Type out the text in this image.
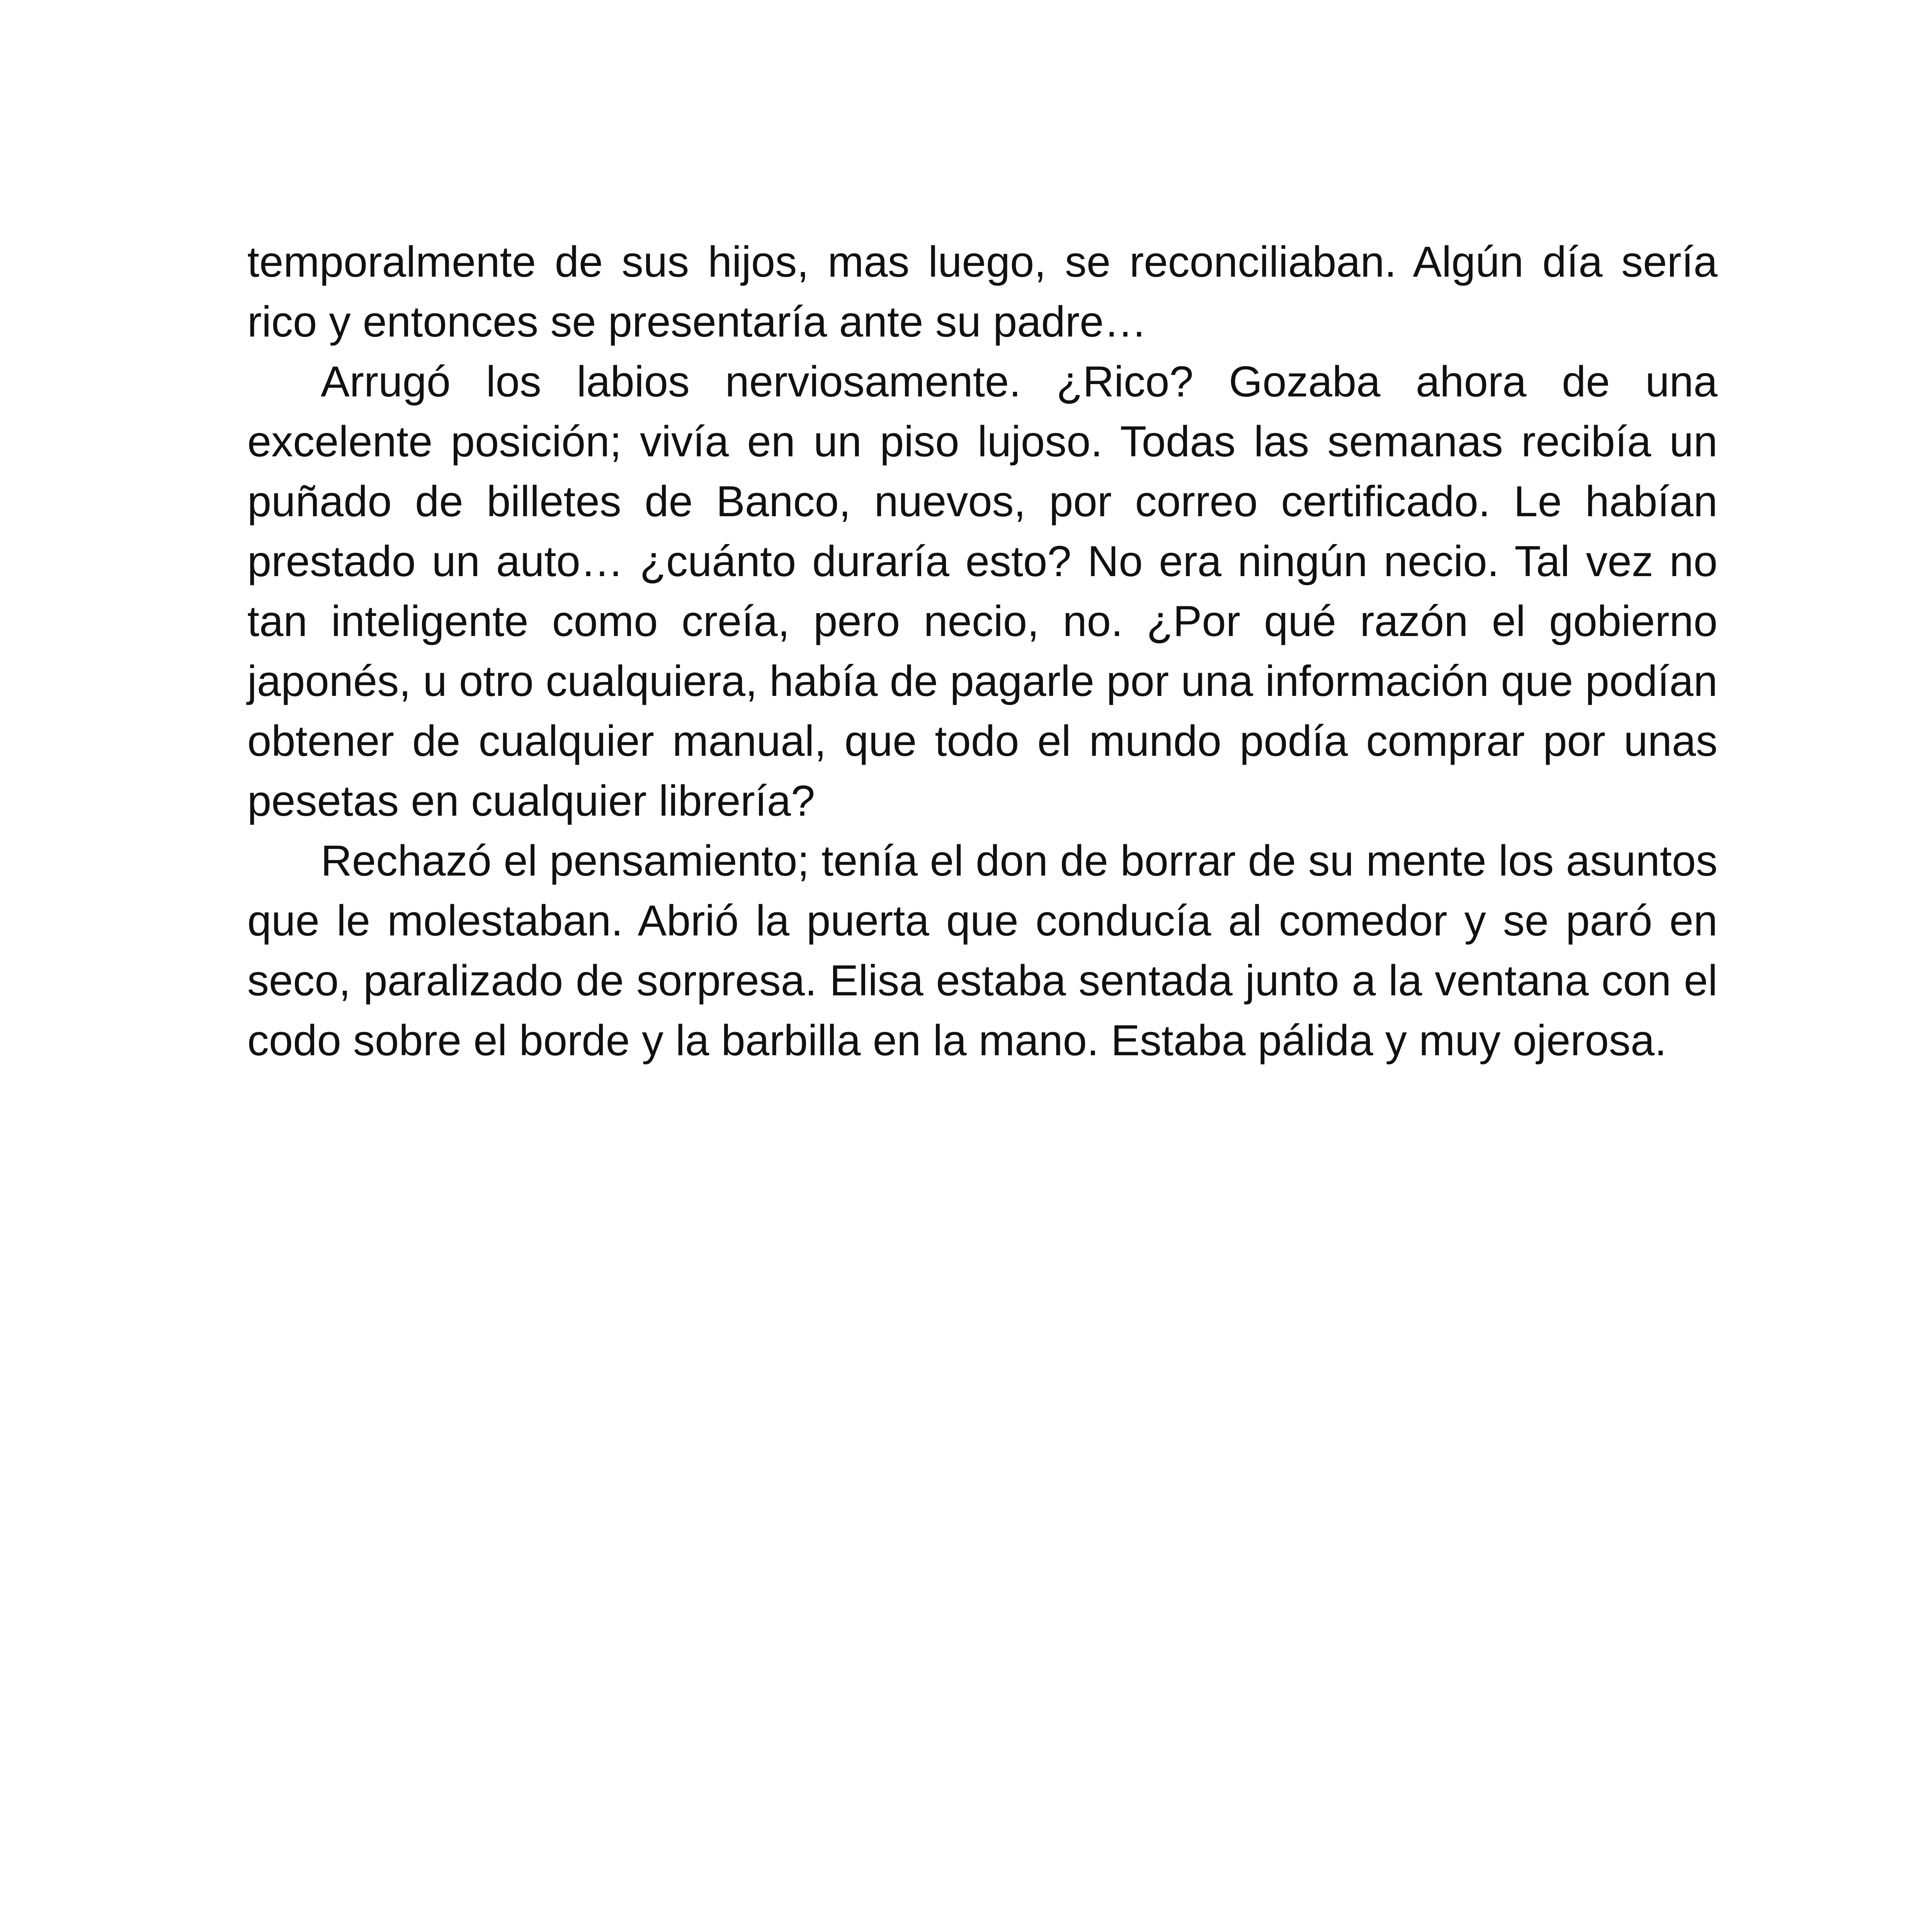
temporalmente de sus hijos, mas luego, se reconciliaban. Algún día sería rico y entonces se presentaría ante su padre…

Arrugó los labios nerviosamente. ¿Rico? Gozaba ahora de una excelente posición; vivía en un piso lujoso. Todas las semanas recibía un puñado de billetes de Banco, nuevos, por correo certificado. Le habían prestado un auto… ¿cuánto duraría esto? No era ningún necio. Tal vez no tan inteligente como creía, pero necio, no. ¿Por qué razón el gobierno japonés, u otro cualquiera, había de pagarle por una información que podían obtener de cualquier manual, que todo el mundo podía comprar por unas pesetas en cualquier librería?

Rechazó el pensamiento; tenía el don de borrar de su mente los asuntos que le molestaban. Abrió la puerta que conducía al comedor y se paró en seco, paralizado de sorpresa. Elisa estaba sentada junto a la ventana con el codo sobre el borde y la barbilla en la mano. Estaba pálida y muy ojerosa.
